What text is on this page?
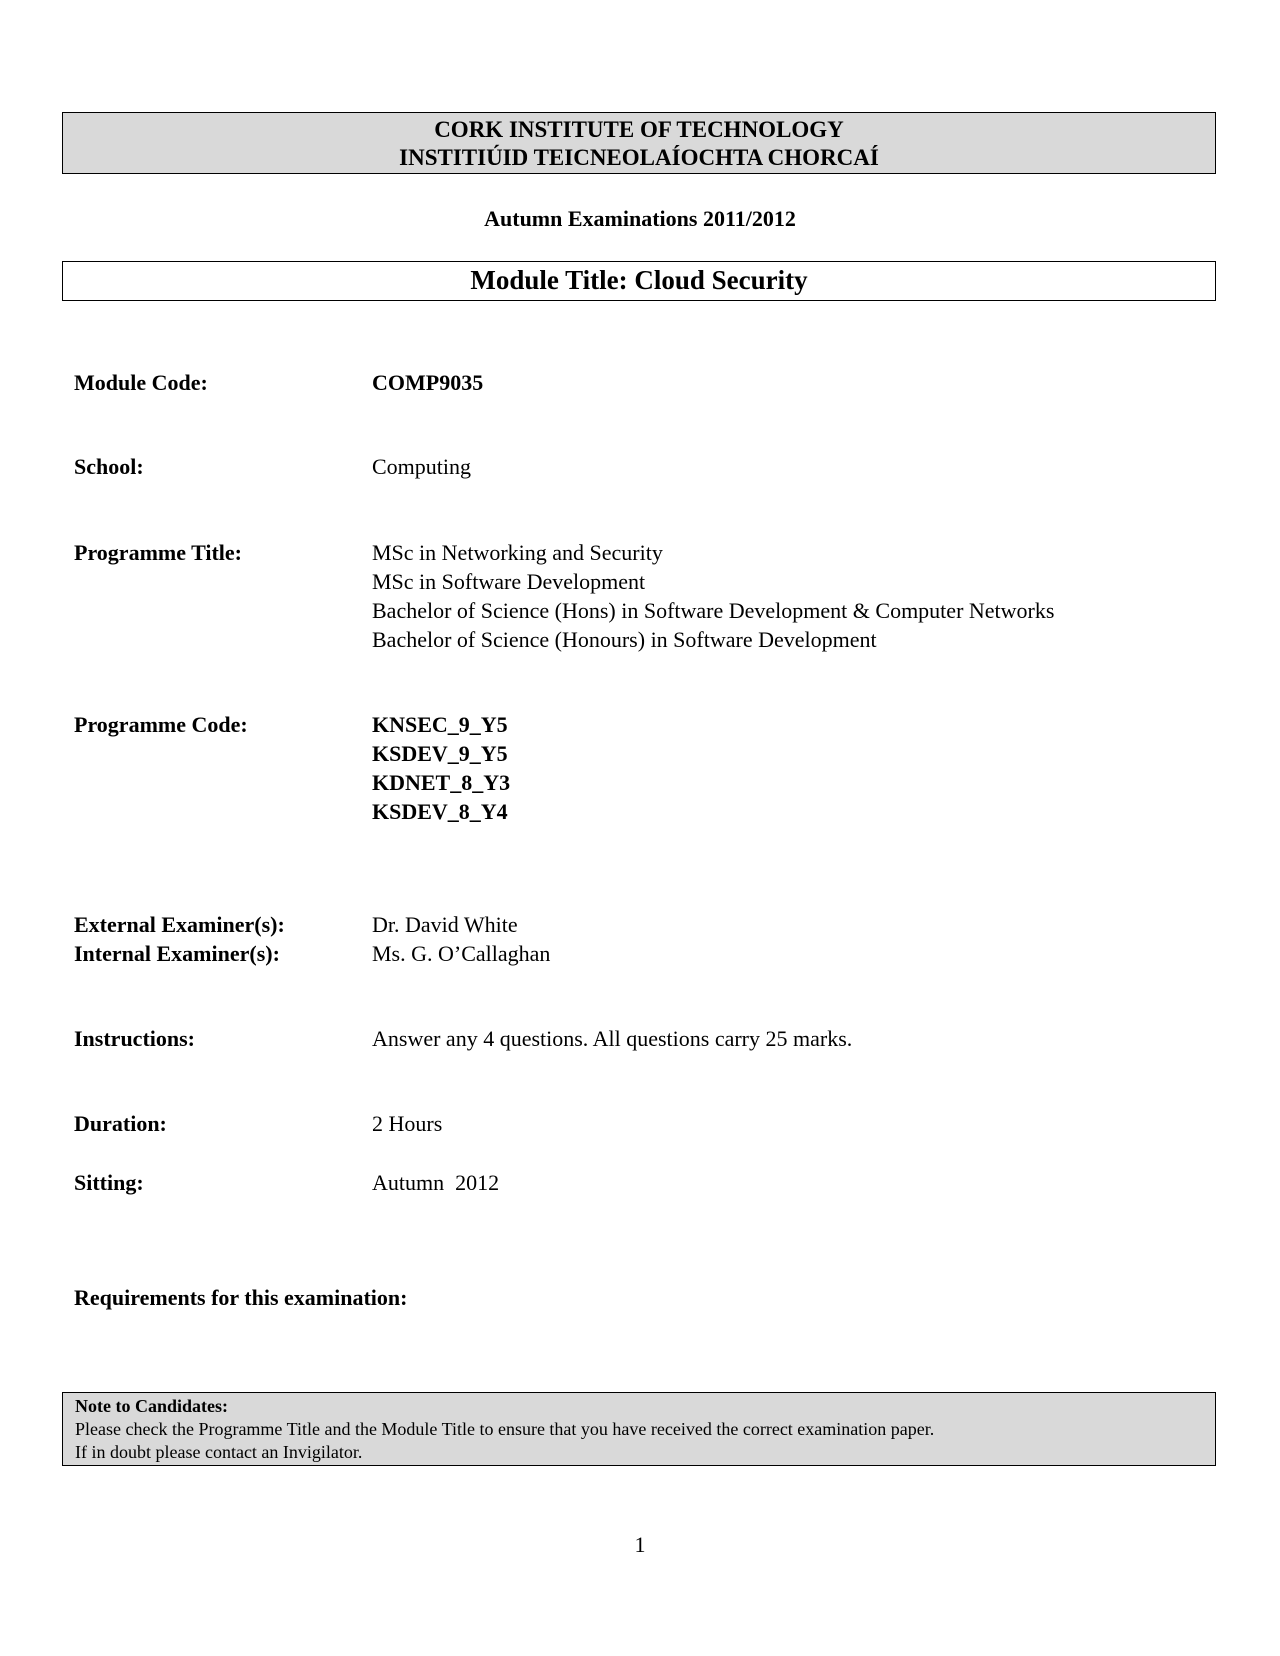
CORK INSTITUTE OF TECHNOLOGY
INSTITIÚID TEICNEOLAÍOCHTA CHORCAÍ
Autumn Examinations 2011/2012
Module Title: Cloud Security
Module Code:	COMP9035
School:	Computing
Programme Title:	MSc in Networking and Security
MSc in Software Development
Bachelor of Science (Hons) in Software Development & Computer Networks
Bachelor of Science (Honours) in Software Development
Programme Code:	KNSEC_9_Y5
KSDEV_9_Y5
KDNET_8_Y3
KSDEV_8_Y4
External Examiner(s):	Dr. David White
Internal Examiner(s):	Ms. G. O’Callaghan
Instructions:	Answer any 4 questions. All questions carry 25 marks.
Duration:	2 Hours
Sitting:	Autumn  2012
Requirements for this examination:
Note to Candidates:
Please check the Programme Title and the Module Title to ensure that you have received the correct examination paper.
If in doubt please contact an Invigilator.
1
